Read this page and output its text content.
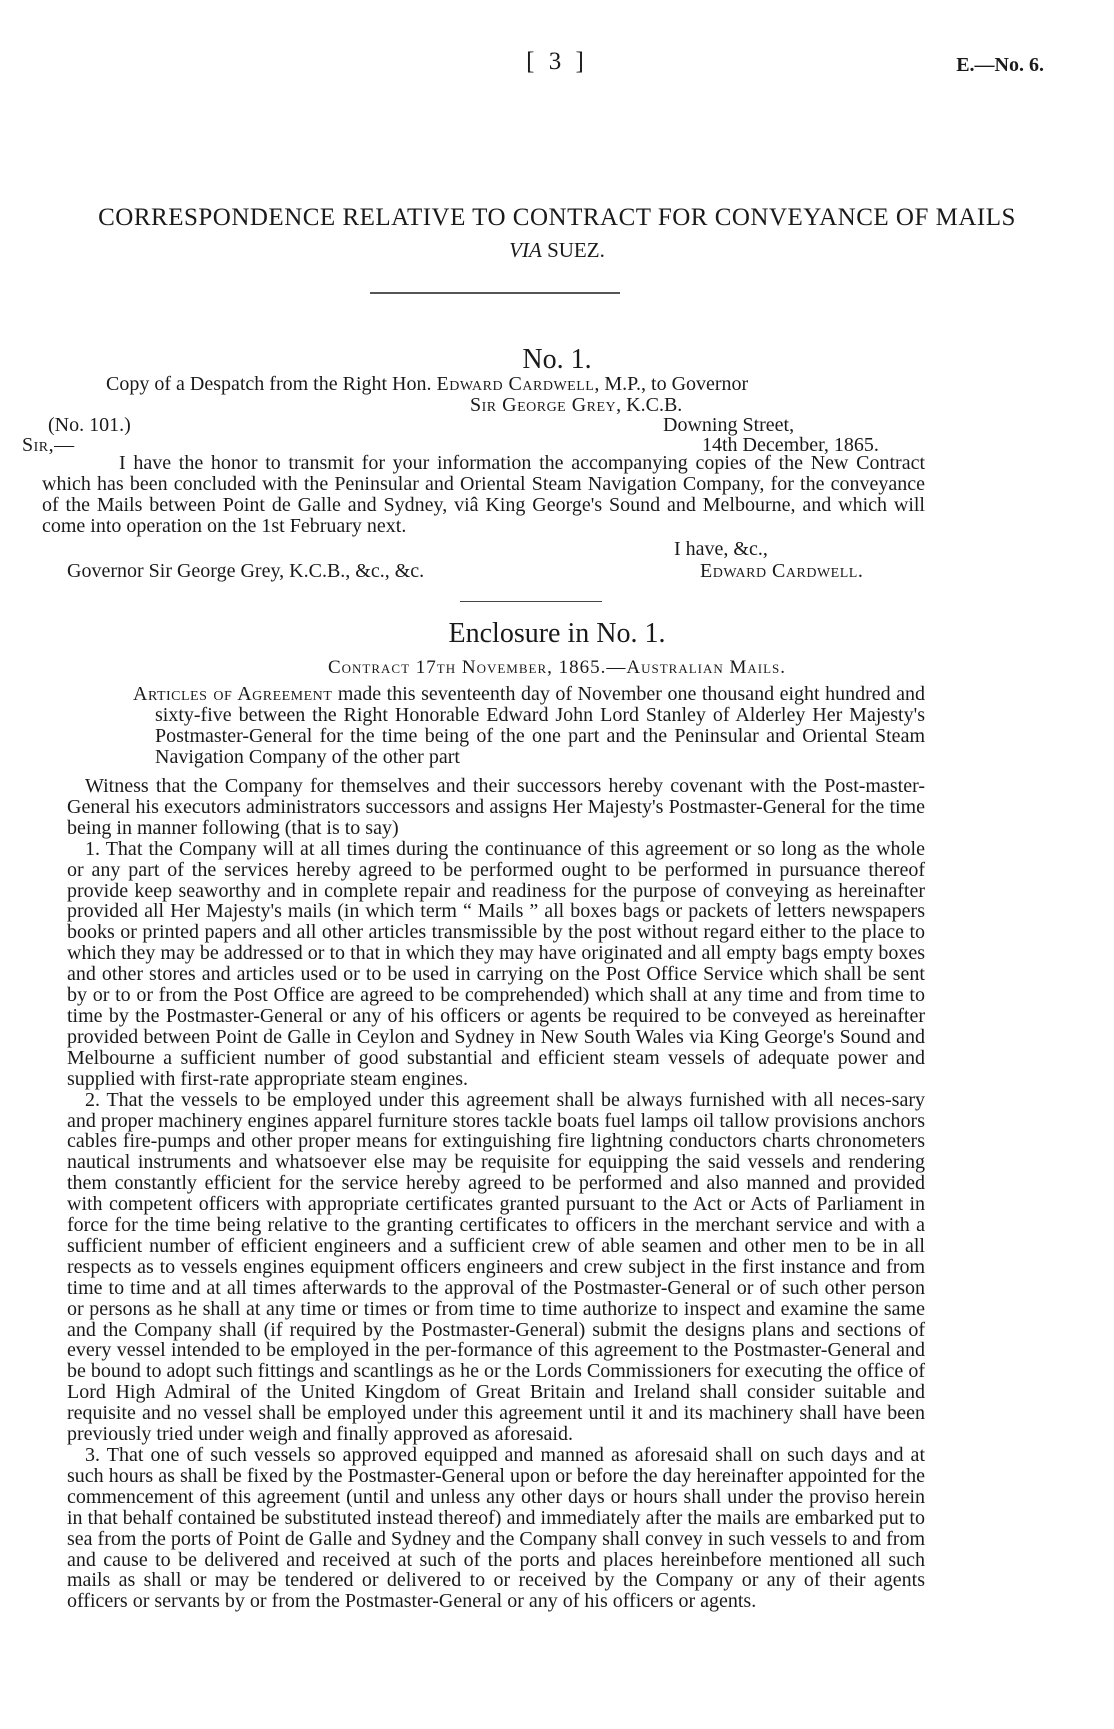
[ 3 ]	E.—No. 6.
CORRESPONDENCE RELATIVE TO CONTRACT FOR CONVEYANCE OF MAILS
VIA SUEZ.
No. 1.
Copy of a Despatch from the Right Hon. Edward Cardwell, M.P., to Governor
Sir George Grey, K.C.B.
(No. 101.)	Downing Street,
Sir,—	14th December, 1865.
I have the honor to transmit for your information the accompanying copies of the New Contract which has been concluded with the Peninsular and Oriental Steam Navigation Company, for the conveyance of the Mails between Point de Galle and Sydney, viâ King George's Sound and Melbourne, and which will come into operation on the 1st February next.
I have, &c.,
Governor Sir George Grey, K.C.B., &c., &c.	Edward Cardwell.
Enclosure in No. 1.
Contract 17th November, 1865.—Australian Mails.
Articles of Agreement made this seventeenth day of November one thousand eight hundred and sixty-five between the Right Honorable Edward John Lord Stanley of Alderley Her Majesty's Postmaster-General for the time being of the one part and the Peninsular and Oriental Steam Navigation Company of the other part

Witness that the Company for themselves and their successors hereby covenant with the Post-master-General his executors administrators successors and assigns Her Majesty's Postmaster-General for the time being in manner following (that is to say)

1. That the Company will at all times during the continuance of this agreement or so long as the whole or any part of the services hereby agreed to be performed ought to be performed in pursuance thereof provide keep seaworthy and in complete repair and readiness for the purpose of conveying as hereinafter provided all Her Majesty's mails (in which term “ Mails ” all boxes bags or packets of letters newspapers books or printed papers and all other articles transmissible by the post without regard either to the place to which they may be addressed or to that in which they may have originated and all empty bags empty boxes and other stores and articles used or to be used in carrying on the Post Office Service which shall be sent by or to or from the Post Office are agreed to be comprehended) which shall at any time and from time to time by the Postmaster-General or any of his officers or agents be required to be conveyed as hereinafter provided between Point de Galle in Ceylon and Sydney in New South Wales via King George's Sound and Melbourne a sufficient number of good substantial and efficient steam vessels of adequate power and supplied with first-rate appropriate steam engines.

2. That the vessels to be employed under this agreement shall be always furnished with all neces-sary and proper machinery engines apparel furniture stores tackle boats fuel lamps oil tallow provisions anchors cables fire-pumps and other proper means for extinguishing fire lightning conductors charts chronometers nautical instruments and whatsoever else may be requisite for equipping the said vessels and rendering them constantly efficient for the service hereby agreed to be performed and also manned and provided with competent officers with appropriate certificates granted pursuant to the Act or Acts of Parliament in force for the time being relative to the granting certificates to officers in the merchant service and with a sufficient number of efficient engineers and a sufficient crew of able seamen and other men to be in all respects as to vessels engines equipment officers engineers and crew subject in the first instance and from time to time and at all times afterwards to the approval of the Postmaster-General or of such other person or persons as he shall at any time or times or from time to time authorize to inspect and examine the same and the Company shall (if required by the Postmaster-General) submit the designs plans and sections of every vessel intended to be employed in the per-formance of this agreement to the Postmaster-General and be bound to adopt such fittings and scantlings as he or the Lords Commissioners for executing the office of Lord High Admiral of the United Kingdom of Great Britain and Ireland shall consider suitable and requisite and no vessel shall be employed under this agreement until it and its machinery shall have been previously tried under weigh and finally approved as aforesaid.

3. That one of such vessels so approved equipped and manned as aforesaid shall on such days and at such hours as shall be fixed by the Postmaster-General upon or before the day hereinafter appointed for the commencement of this agreement (until and unless any other days or hours shall under the proviso herein in that behalf contained be substituted instead thereof) and immediately after the mails are embarked put to sea from the ports of Point de Galle and Sydney and the Company shall convey in such vessels to and from and cause to be delivered and received at such of the ports and places hereinbefore mentioned all such mails as shall or may be tendered or delivered to or received by the Company or any of their agents officers or servants by or from the Postmaster-General or any of his officers or agents.
